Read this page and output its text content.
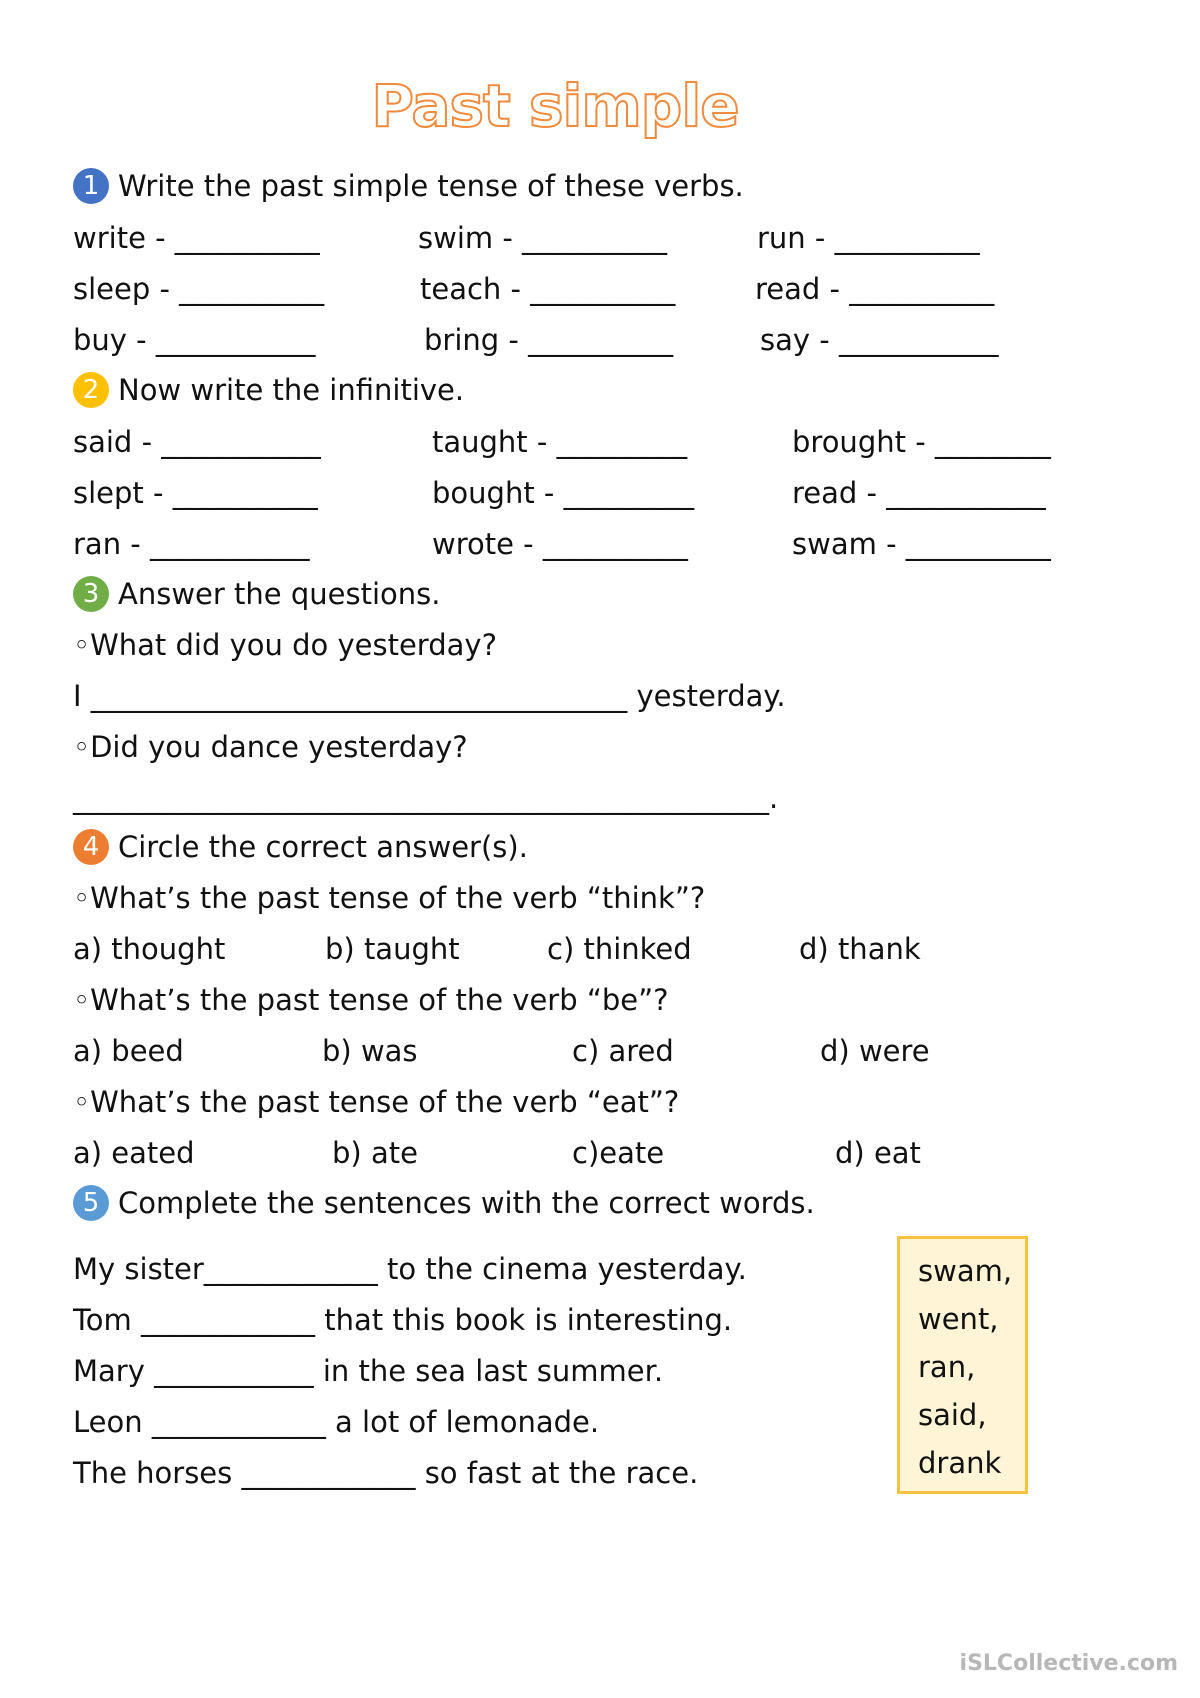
Past simple
1 Write the past simple tense of these verbs.
write - __________	swim - __________	run - __________
sleep - __________	teach - __________	read - __________
buy - ___________	bring - __________	say - ___________
2 Now write the infinitive.
said - ___________	taught - _________	brought - ________
slept - __________	bought - _________	read - ___________
ran - ___________	wrote - __________	swam - __________
3 Answer the questions.
◦What did you do yesterday?
I _____________________________________ yesterday.
◦Did you dance yesterday?
________________________________________________.
4 Circle the correct answer(s).
◦What’s the past tense of the verb “think”?
a) thought	b) taught	c) thinked	d) thank
◦What’s the past tense of the verb “be”?
a) beed	b) was	c) ared	d) were
◦What’s the past tense of the verb “eat”?
a) eated	b) ate	c)eate	d) eat
5 Complete the sentences with the correct words.
My sister____________ to the cinema yesterday.
Tom ____________ that this book is interesting.
Mary ___________ in the sea last summer.
Leon ____________ a lot of lemonade.
The horses ____________ so fast at the race.
swam,
went,
ran,
said,
drank
iSLCollective.com
